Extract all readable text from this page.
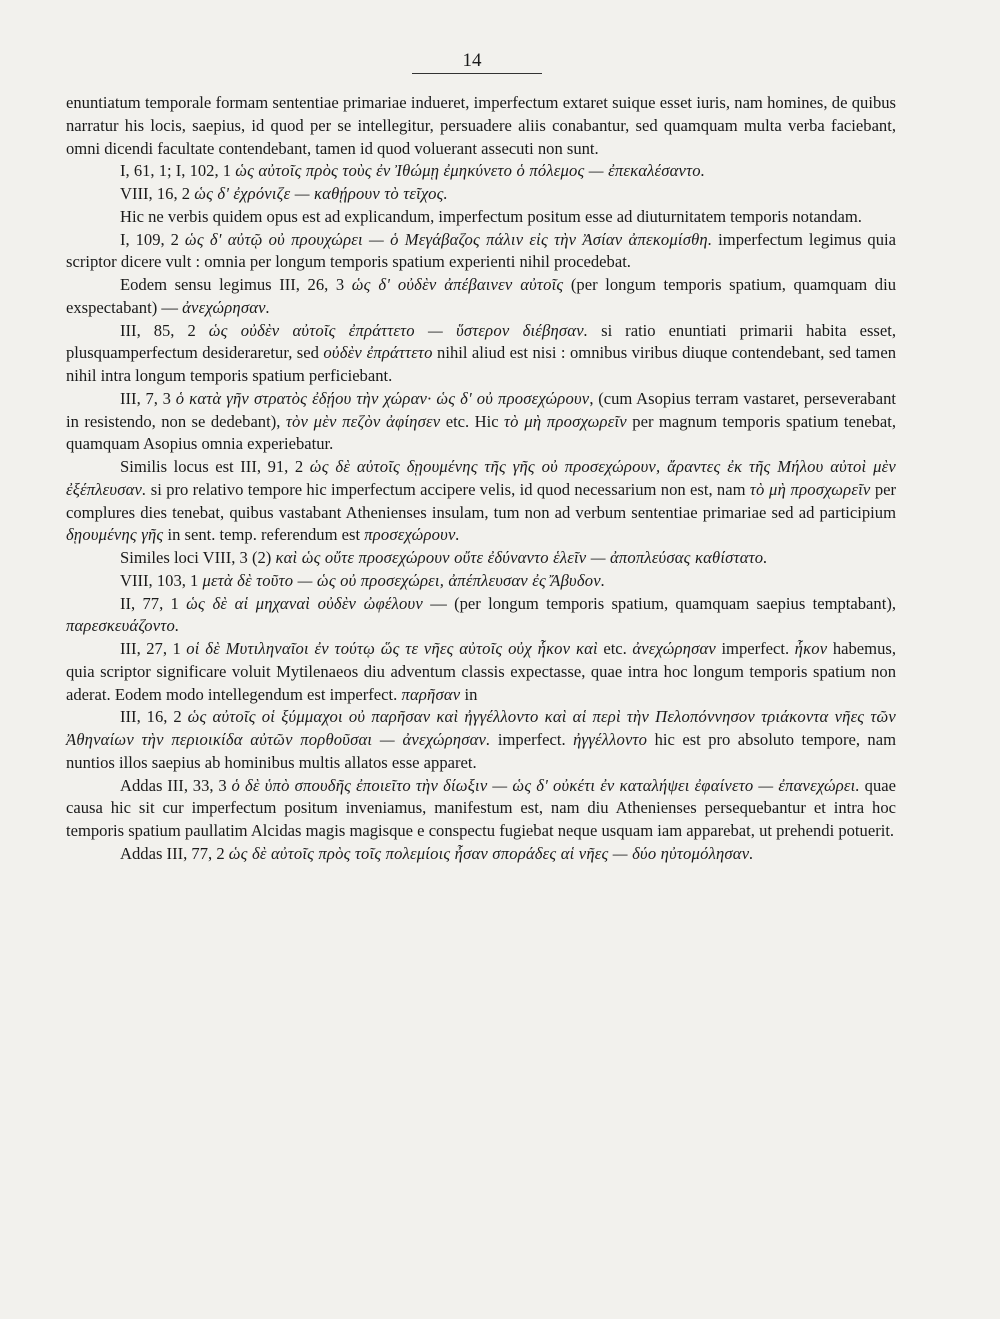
14

enuntiatum temporale formam sententiae primariae indueret, imperfectum extaret suique esset iuris, nam homines, de quibus narratur his locis, saepius, id quod per se intellegitur, persuadere aliis conabantur, sed quamquam multa verba faciebant, omni dicendi facultate contendebant, tamen id quod voluerant assecuti non sunt.

I, 61, 1; I, 102, 1 ὡς αὐτοῖς πρὸς τοὺς ἐν Ἰθώμῃ ἐμηκύνετο ὁ πόλεμος — ἐπεκαλέσαντο.

VIII, 16, 2 ὡς δ' ἐχρόνιζε — καθῄρουν τὸ τεῖχος.

Hic ne verbis quidem opus est ad explicandum, imperfectum positum esse ad diuturnitatem temporis notandam.

I, 109, 2 ὡς δ' αὐτῷ οὐ προυχώρει — ὁ Μεγάβαζος πάλιν εἰς τὴν Ἀσίαν ἀπεκομίσθη. imperfectum legimus quia scriptor dicere vult : omnia per longum temporis spatium experienti nihil procedebat.

Eodem sensu legimus III, 26, 3 ὡς δ' οὐδὲν ἀπέβαινεν αὐτοῖς (per longum temporis spatium, quamquam diu exspectabant) — ἀνεχώρησαν.

III, 85, 2 ὡς οὐδὲν αὐτοῖς ἐπράττετο — ὕστερον διέβησαν. si ratio enuntiati primarii habita esset, plusquamperfectum desideraretur, sed οὐδὲν ἐπράττετο nihil aliud est nisi : omnibus viribus diuque contendebant, sed tamen nihil intra longum temporis spatium perficiebant.

III, 7, 3 ὁ κατὰ γῆν στρατὸς ἐδῄου τὴν χώραν· ὡς δ' οὐ προσεχώρουν, (cum Asopius terram vastaret, perseverabant in resistendo, non se dedebant), τὸν μὲν πεζὸν ἀφίησεν etc. Hic τὸ μὴ προσχωρεῖν per magnum temporis spatium tenebat, quamquam Asopius omnia experiebatur.

Similis locus est III, 91, 2 ὡς δὲ αὐτοῖς δῃουμένης τῆς γῆς οὐ προσεχώρουν, ἄραντες ἐκ τῆς Μήλου αὐτοὶ μὲν ἐξέπλευσαν. si pro relativo tempore hic imperfectum accipere velis, id quod necessarium non est, nam τὸ μὴ προσχωρεῖν per complures dies tenebat, quibus vastabant Athenienses insulam, tum non ad verbum sententiae primariae sed ad participium δῃουμένης γῆς in sent. temp. referendum est προσεχώρουν.

Similes loci VIII, 3 (2) καὶ ὡς οὔτε προσεχώρουν οὔτε ἐδύναντο ἑλεῖν — ἀποπλεύσας καθίστατο.

VIII, 103, 1 μετὰ δὲ τοῦτο — ὡς οὐ προσεχώρει, ἀπέπλευσαν ἐς Ἄβυδον.

II, 77, 1 ὡς δὲ αἱ μηχαναὶ οὐδὲν ὠφέλουν — (per longum temporis spatium, quamquam saepius temptabant), παρεσκευάζοντο.

III, 27, 1 οἱ δὲ Μυτιληναῖοι ἐν τούτῳ ὥς τε νῆες αὐτοῖς οὐχ ἧκον καὶ etc. ἀνεχώρησαν imperfect. ἧκον habemus, quia scriptor significare voluit Mytilenaeos diu adventum classis expectasse, quae intra hoc longum temporis spatium non aderat. Eodem modo intellegendum est imperfect. παρῆσαν in

III, 16, 2 ὡς αὐτοῖς οἱ ξύμμαχοι οὐ παρῆσαν καὶ ἠγγέλλοντο καὶ αἱ περὶ τὴν Πελοπόννησον τριάκοντα νῆες τῶν Ἀθηναίων τὴν περιοικίδα αὐτῶν πορθοῦσαι — ἀνεχώρησαν. imperfect. ἠγγέλλοντο hic est pro absoluto tempore, nam nuntios illos saepius ab hominibus multis allatos esse apparet.

Addas III, 33, 3 ὁ δὲ ὑπὸ σπουδῆς ἐποιεῖτο τὴν δίωξιν — ὡς δ' οὐκέτι ἐν καταλήψει ἐφαίνετο — ἐπανεχώρει. quae causa hic sit cur imperfectum positum inveniamus, manifestum est, nam diu Athenienses persequebantur et intra hoc temporis spatium paullatim Alcidas magis magisque e conspectu fugiebat neque usquam iam apparebat, ut prehendi potuerit.

Addas III, 77, 2 ὡς δὲ αὐτοῖς πρὸς τοῖς πολεμίοις ἦσαν σποράδες αἱ νῆες — δύο ηὐτομόλησαν.
